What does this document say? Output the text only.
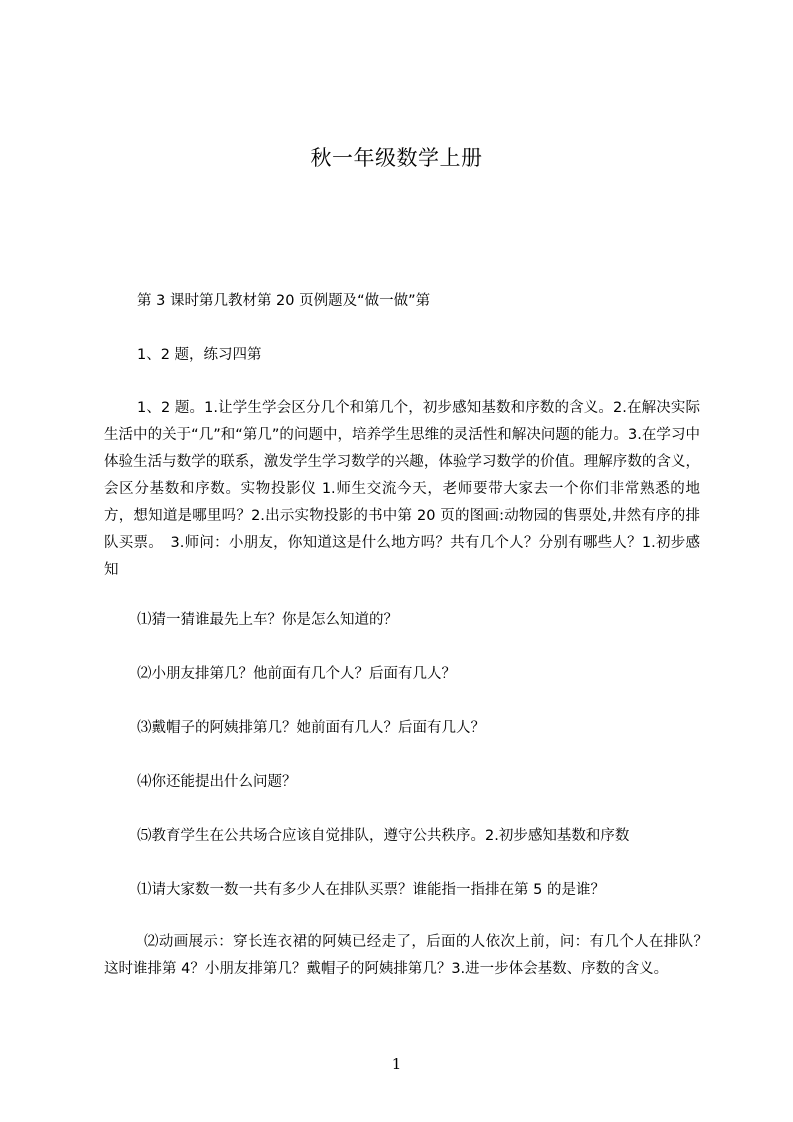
秋一年级数学上册

第 3 课时第几教材第 20 页例题及“做一做”第

1、2 题，练习四第

1、2 题。1.让学生学会区分几个和第几个，初步感知基数和序数的含义。2.在解决实际生活中的关于“几”和“第几”的问题中，培养学生思维的灵活性和解决问题的能力。3.在学习中体验生活与数学的联系，激发学生学习数学的兴趣，体验学习数学的价值。理解序数的含义，会区分基数和序数。实物投影仪 1.师生交流今天，老师要带大家去一个你们非常熟悉的地方，想知道是哪里吗？2.出示实物投影的书中第 20 页的图画:动物园的售票处,井然有序的排队买票。　3.师问：小朋友，你知道这是什么地方吗？共有几个人？分别有哪些人？1.初步感知

⑴猜一猜谁最先上车？你是怎么知道的？

⑵小朋友排第几？他前面有几个人？后面有几人？

⑶戴帽子的阿姨排第几？她前面有几人？后面有几人？

⑷你还能提出什么问题？

⑸教育学生在公共场合应该自觉排队，遵守公共秩序。2.初步感知基数和序数

⑴请大家数一数一共有多少人在排队买票？谁能指一指排在第 5 的是谁？

⑵动画展示：穿长连衣裙的阿姨已经走了，后面的人依次上前，问：有几个人在排队？这时谁排第 4？小朋友排第几？戴帽子的阿姨排第几？3.进一步体会基数、序数的含义。

1
